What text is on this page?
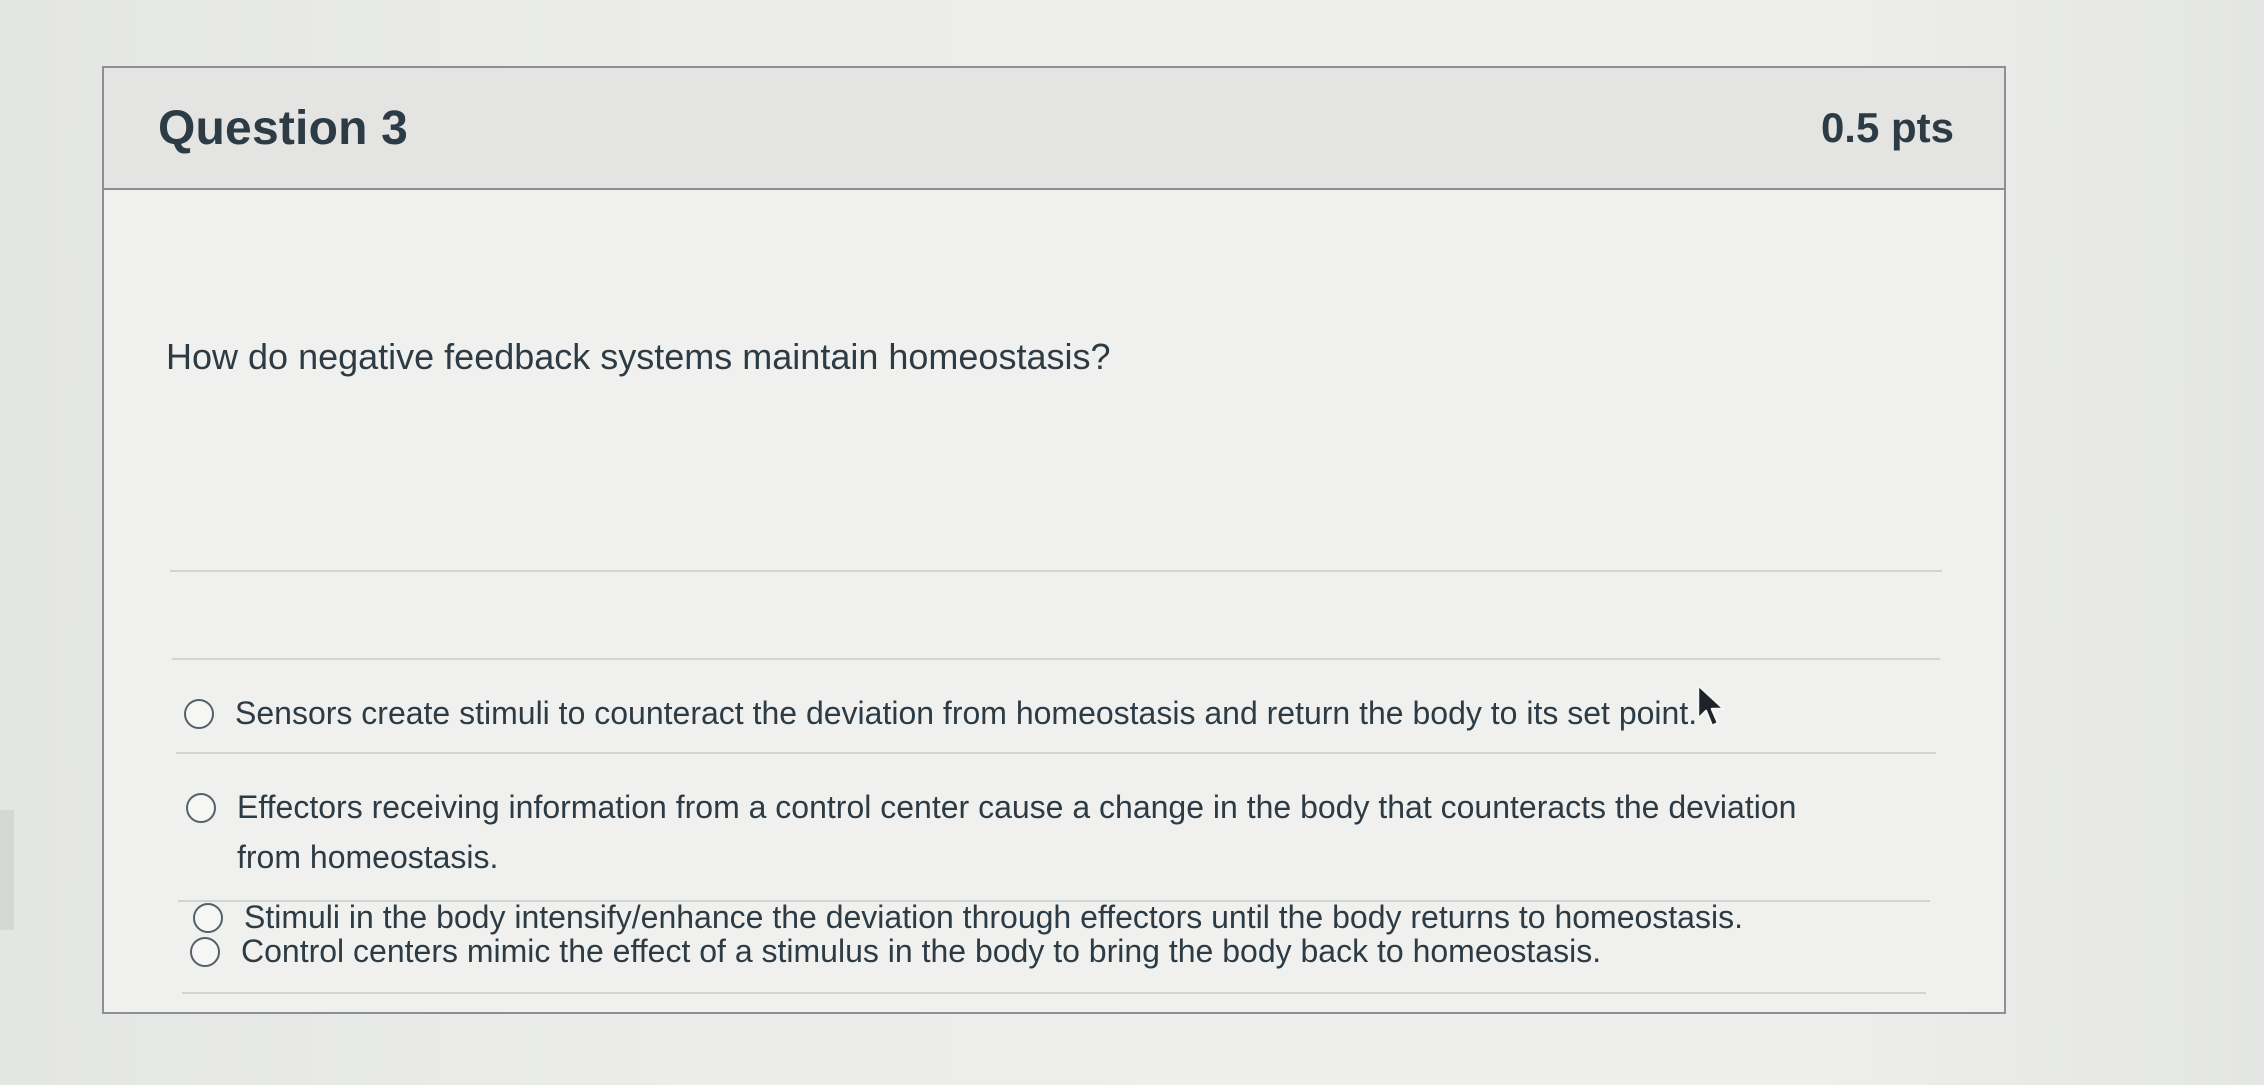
Question 3	0.5 pts
How do negative feedback systems maintain homeostasis?
Sensors create stimuli to counteract the deviation from homeostasis and return the body to its set point.
Effectors receiving information from a control center cause a change in the body that counteracts the deviation from homeostasis.
Control centers mimic the effect of a stimulus in the body to bring the body back to homeostasis.
Stimuli in the body intensify/enhance the deviation through effectors until the body returns to homeostasis.
